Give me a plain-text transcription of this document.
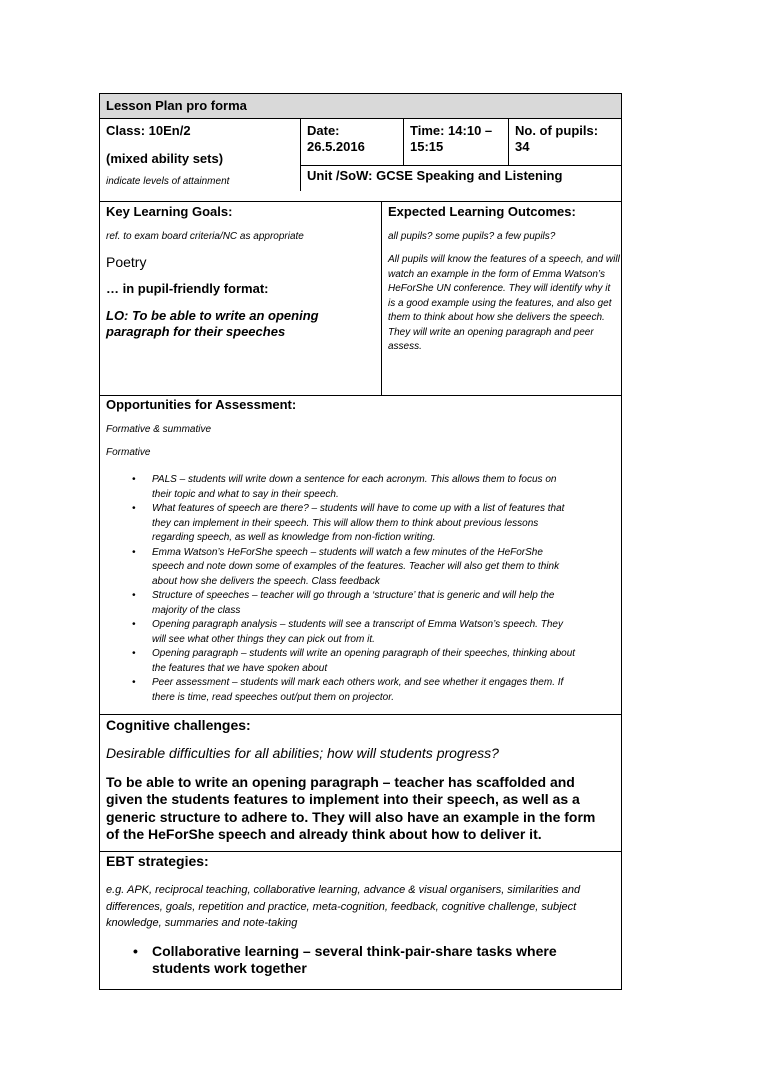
Lesson Plan pro forma
Class: 10En/2
(mixed ability sets)
indicate levels of attainment
Date:
26.5.2016
Time: 14:10 –
15:15
No. of pupils:
34
Unit /SoW: GCSE Speaking and Listening
Key Learning Goals:
ref. to exam board criteria/NC as appropriate
Poetry
… in pupil-friendly format:
LO: To be able to write an opening paragraph for their speeches
Expected Learning Outcomes:
all pupils? some pupils? a few pupils?
All pupils will know the features of a speech, and will watch an example in the form of Emma Watson’s HeForShe UN conference. They will identify why it is a good example using the features, and also get them to think about how she delivers the speech. They will write an opening paragraph and peer assess.
Opportunities for Assessment:
Formative & summative
Formative
• PALS – students will write down a sentence for each acronym. This allows them to focus on their topic and what to say in their speech.
• What features of speech are there? – students will have to come up with a list of features that they can implement in their speech. This will allow them to think about previous lessons regarding speech, as well as knowledge from non-fiction writing.
• Emma Watson’s HeForShe speech – students will watch a few minutes of the HeForShe speech and note down some of examples of the features. Teacher will also get them to think about how she delivers the speech. Class feedback
• Structure of speeches – teacher will go through a ‘structure’ that is generic and will help the majority of the class
• Opening paragraph analysis – students will see a transcript of Emma Watson’s speech. They will see what other things they can pick out from it.
• Opening paragraph – students will write an opening paragraph of their speeches, thinking about the features that we have spoken about
• Peer assessment – students will mark each others work, and see whether it engages them. If there is time, read speeches out/put them on projector.
Cognitive challenges:
Desirable difficulties for all abilities; how will students progress?
To be able to write an opening paragraph – teacher has scaffolded and given the students features to implement into their speech, as well as a generic structure to adhere to. They will also have an example in the form of the HeForShe speech and already think about how to deliver it.
EBT strategies:
e.g. APK, reciprocal teaching, collaborative learning, advance & visual organisers, similarities and differences, goals, repetition and practice, meta-cognition, feedback, cognitive challenge, subject knowledge, summaries and note-taking
• Collaborative learning – several think-pair-share tasks where students work together
